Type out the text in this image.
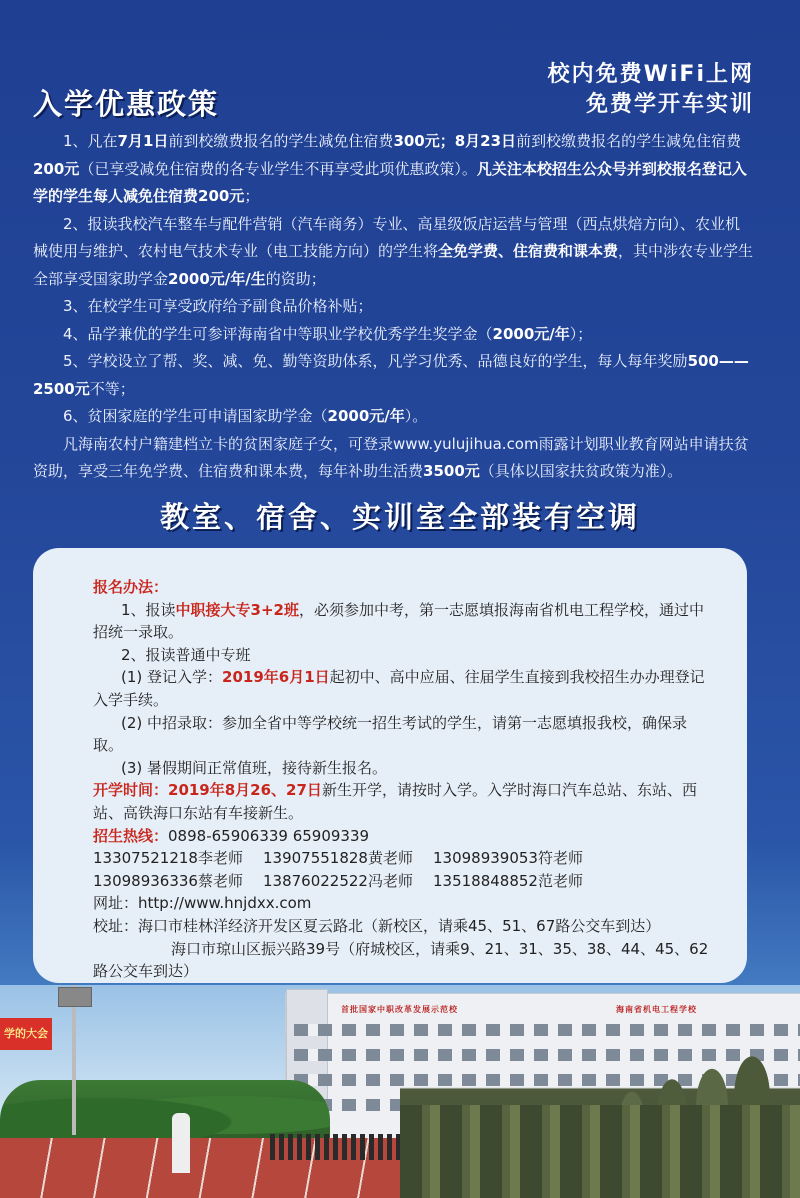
入学优惠政策
校内免费WiFi上网
免费学开车实训

1、凡在7月1日前到校缴费报名的学生减免住宿费300元；8月23日前到校缴费报名的学生减免住宿费200元（已享受减免住宿费的各专业学生不再享受此项优惠政策）。凡关注本校招生公众号并到校报名登记入学的学生每人减免住宿费200元；

2、报读我校汽车整车与配件营销（汽车商务）专业、高星级饭店运营与管理（西点烘焙方向）、农业机械使用与维护、农村电气技术专业（电工技能方向）的学生将全免学费、住宿费和课本费，其中涉农专业学生全部享受国家助学金2000元/年/生的资助；

3、在校学生可享受政府给予副食品价格补贴；

4、品学兼优的学生可参评海南省中等职业学校优秀学生奖学金（2000元/年）；

5、学校设立了帮、奖、减、免、勤等资助体系，凡学习优秀、品德良好的学生，每人每年奖励500——2500元不等；

6、贫困家庭的学生可申请国家助学金（2000元/年）。

凡海南农村户籍建档立卡的贫困家庭子女，可登录www.yulujihua.com雨露计划职业教育网站申请扶贫资助，享受三年免学费、住宿费和课本费，每年补助生活费3500元（具体以国家扶贫政策为准）。

教室、宿舍、实训室全部装有空调

报名办法：

1、报读中职接大专3+2班，必须参加中考，第一志愿填报海南省机电工程学校，通过中招统一录取。

2、报读普通中专班

(1) 登记入学：2019年6月1日起初中、高中应届、往届学生直接到我校招生办办理登记入学手续。

(2) 中招录取：参加全省中等学校统一招生考试的学生，请第一志愿填报我校，确保录取。

(3) 暑假期间正常值班，接待新生报名。

开学时间：2019年8月26、27日新生开学，请按时入学。入学时海口汽车总站、东站、西站、高铁海口东站有车接新生。

招生热线：0898-65906339 65909339

13307521218李老师	13907551828黄老师	13098939053符老师
13098936336蔡老师	13876022522冯老师	13518848852范老师

网址：http://www.hnjdxx.com

校址：海口市桂林洋经济开发区夏云路北（新校区，请乘45、51、67路公交车到达）

海口市琼山区振兴路39号（府城校区，请乘9、21、31、35、38、44、45、62路公交车到达）

首批国家中职改革发展示范校	海南省机电工程学校
学的大会
